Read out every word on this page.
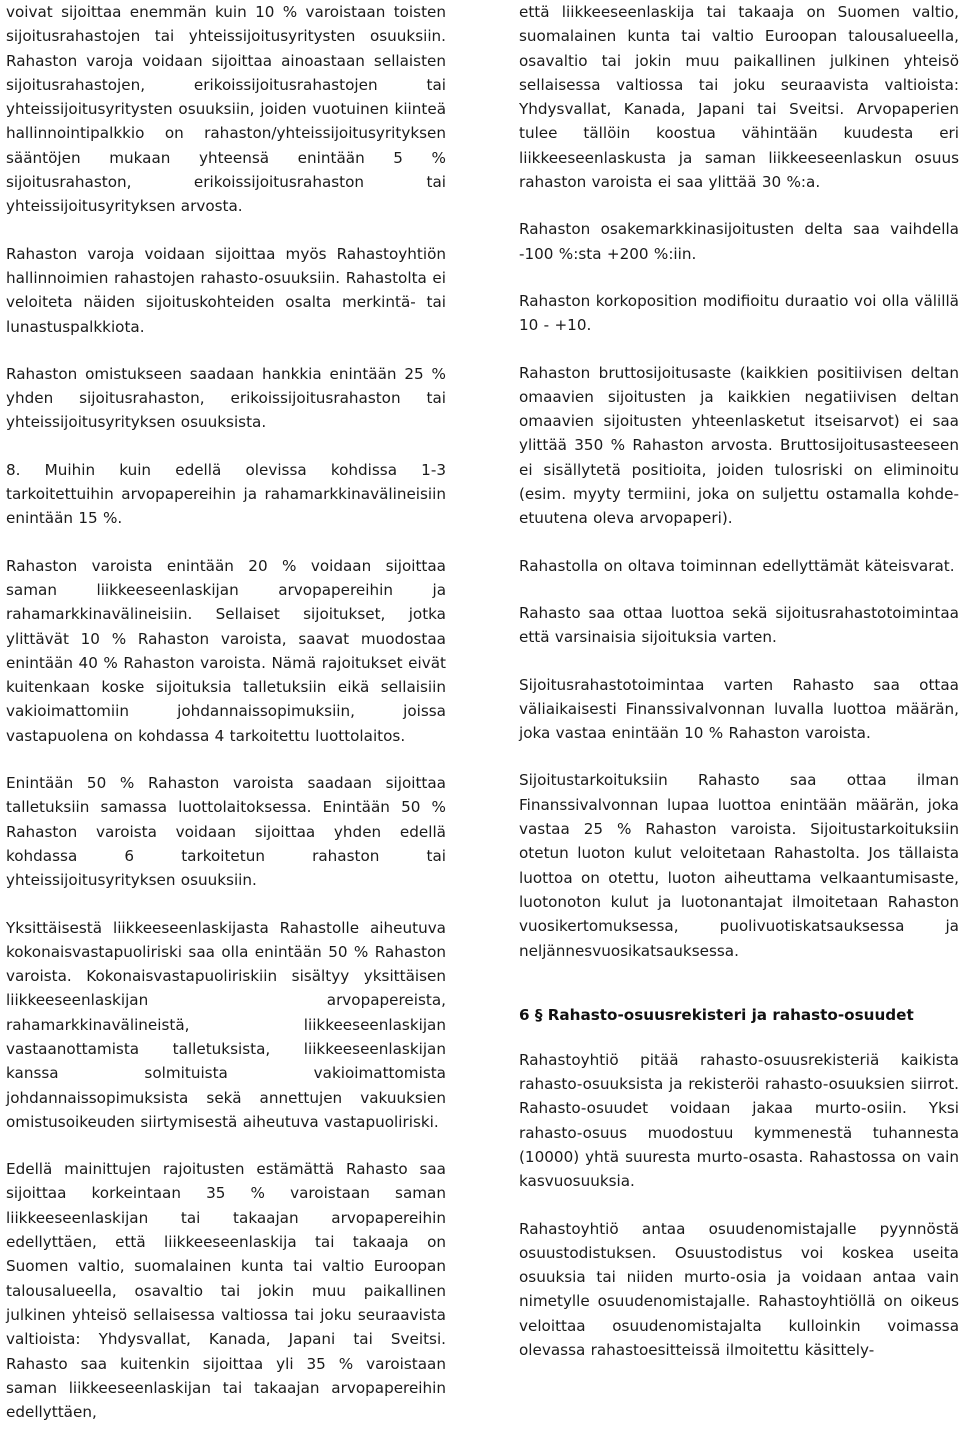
voivat sijoittaa enemmän kuin 10 % varoistaan toisten sijoitusrahastojen tai yhteissijoitusyritysten osuuksiin. Rahaston varoja voidaan sijoittaa ainoastaan sellaisten sijoitusrahastojen, erikoissijoitusrahastojen tai yhteissijoitusyritysten osuuksiin, joiden vuotuinen kiinteä hallinnointipalkkio on rahaston/yhteissijoitusyrityksen sääntöjen mukaan yhteensä enintään 5 % sijoitusrahaston, erikoissijoitusrahaston tai yhteissijoitusyrityksen arvosta.

Rahaston varoja voidaan sijoittaa myös Rahastoyhtiön hallinnoimien rahastojen rahasto-osuuksiin. Rahastolta ei veloiteta näiden sijoituskohteiden osalta merkintä- tai lunastuspalkkiota.

Rahaston omistukseen saadaan hankkia enintään 25 % yhden sijoitusrahaston, erikoissijoitusrahaston tai yhteissijoitusyrityksen osuuksista.

8. Muihin kuin edellä olevissa kohdissa 1-3 tarkoitettuihin arvopapereihin ja rahamarkkinavälineisiin enintään 15 %.

Rahaston varoista enintään 20 % voidaan sijoittaa saman liikkeeseenlaskijan arvopapereihin ja rahamarkkinavälineisiin. Sellaiset sijoitukset, jotka ylittävät 10 % Rahaston varoista, saavat muodostaa enintään 40 % Rahaston varoista. Nämä rajoitukset eivät kuitenkaan koske sijoituksia talletuksiin eikä sellaisiin vakioimattomiin johdannaissopimuksiin, joissa vastapuolena on kohdassa 4 tarkoitettu luottolaitos.

Enintään 50 % Rahaston varoista saadaan sijoittaa talletuksiin samassa luottolaitoksessa. Enintään 50 % Rahaston varoista voidaan sijoittaa yhden edellä kohdassa 6 tarkoitetun rahaston tai yhteissijoitusyrityksen osuuksiin.

Yksittäisestä liikkeeseenlaskijasta Rahastolle aiheutuva kokonaisvastapuoliriski saa olla enintään 50 % Rahaston varoista. Kokonaisvastapuoliriskiin sisältyy yksittäisen liikkeeseenlaskijan arvopapereista, rahamarkkinavälineistä, liikkeeseenlaskijan vastaanottamista talletuksista, liikkeeseenlaskijan kanssa solmituista vakioimattomista johdannaissopimuksista sekä annettujen vakuuksien omistusoikeuden siirtymisestä aiheutuva vastapuoliriski.

Edellä mainittujen rajoitusten estämättä Rahasto saa sijoittaa korkeintaan 35 % varoistaan saman liikkeeseenlaskijan tai takaajan arvopapereihin edellyttäen, että liikkeeseenlaskija tai takaaja on Suomen valtio, suomalainen kunta tai valtio Euroopan talousalueella, osavaltio tai jokin muu paikallinen julkinen yhteisö sellaisessa valtiossa tai joku seuraavista valtioista: Yhdysvallat, Kanada, Japani tai Sveitsi. Rahasto saa kuitenkin sijoittaa yli 35 % varoistaan saman liikkeeseenlaskijan tai takaajan arvopapereihin edellyttäen,

että liikkeeseenlaskija tai takaaja on Suomen valtio, suomalainen kunta tai valtio Euroopan talousalueella, osavaltio tai jokin muu paikallinen julkinen yhteisö sellaisessa valtiossa tai joku seuraavista valtioista: Yhdysvallat, Kanada, Japani tai Sveitsi. Arvopaperien tulee tällöin koostua vähintään kuudesta eri liikkeeseenlaskusta ja saman liikkeeseenlaskun osuus rahaston varoista ei saa ylittää 30 %:a.

Rahaston osakemarkkinasijoitusten delta saa vaihdella -100 %:sta +200 %:iin.

Rahaston korkoposition modifioitu duraatio voi olla välillä 10 - +10.

Rahaston bruttosijoitusaste (kaikkien positiivisen deltan omaavien sijoitusten ja kaikkien negatiivisen deltan omaavien sijoitusten yhteenlasketut itseisarvot) ei saa ylittää 350 % Rahaston arvosta. Bruttosijoitusasteeseen ei sisällytetä positioita, joiden tulosriski on eliminoitu (esim. myyty termiini, joka on suljettu ostamalla kohde-etuutena oleva arvopaperi).

Rahastolla on oltava toiminnan edellyttämät käteisvarat.

Rahasto saa ottaa luottoa sekä sijoitusrahastotoimintaa että varsinaisia sijoituksia varten.

Sijoitusrahastotoimintaa varten Rahasto saa ottaa väliaikaisesti Finanssivalvonnan luvalla luottoa määrän, joka vastaa enintään 10 % Rahaston varoista.

Sijoitustarkoituksiin Rahasto saa ottaa ilman Finanssivalvonnan lupaa luottoa enintään määrän, joka vastaa 25 % Rahaston varoista. Sijoitustarkoituksiin otetun luoton kulut veloitetaan Rahastolta. Jos tällaista luottoa on otettu, luoton aiheuttama velkaantumisaste, luotonoton kulut ja luotonantajat ilmoitetaan Rahaston vuosikertomuksessa, puolivuotiskatsauksessa ja neljännesvuosikatsauksessa.

6 § Rahasto-osuusrekisteri ja rahasto-osuudet

Rahastoyhtiö pitää rahasto-osuusrekisteriä kaikista rahasto-osuuksista ja rekisteröi rahasto-osuuksien siirrot. Rahasto-osuudet voidaan jakaa murto-osiin. Yksi rahasto-osuus muodostuu kymmenestä tuhannesta (10000) yhtä suuresta murto-osasta. Rahastossa on vain kasvuosuuksia.

Rahastoyhtiö antaa osuudenomistajalle pyynnöstä osuustodistuksen. Osuustodistus voi koskea useita osuuksia tai niiden murto-osia ja voidaan antaa vain nimetylle osuudenomistajalle. Rahastoyhtiöllä on oikeus veloittaa osuudenomistajalta kulloinkin voimassa olevassa rahastoesitteissä ilmoitettu käsittely-
